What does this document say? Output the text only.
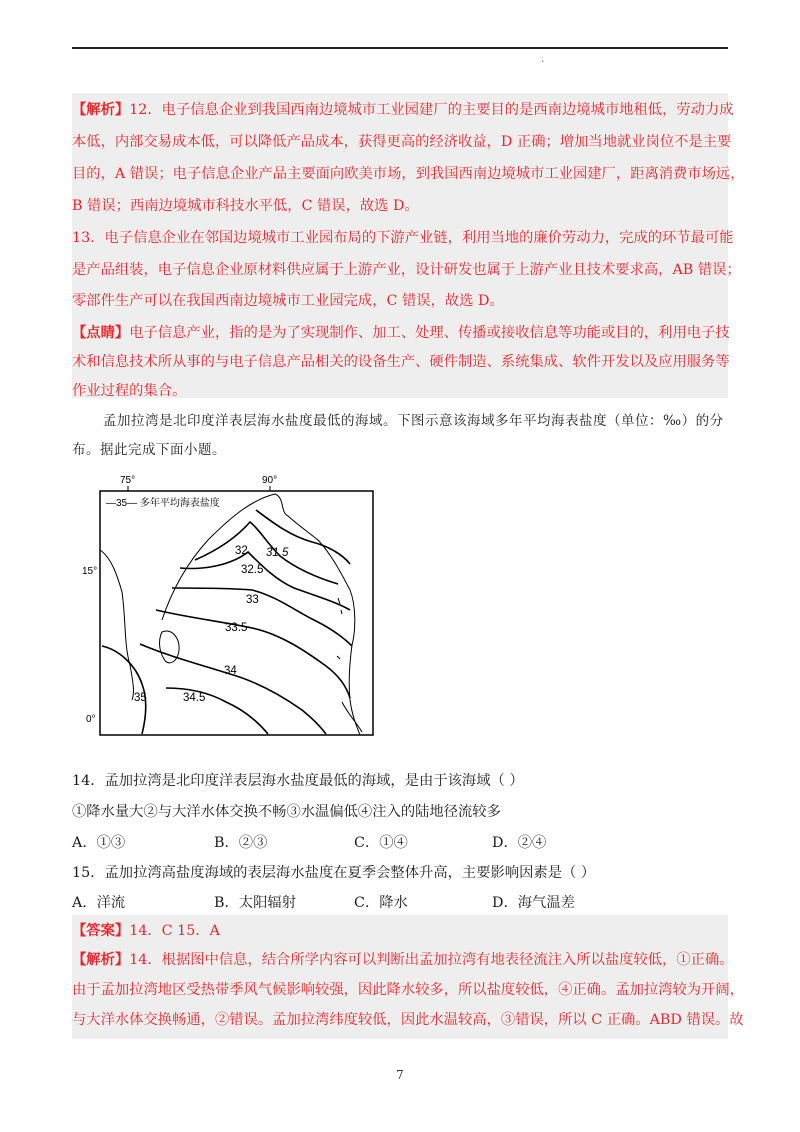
.
【解析】12．电子信息企业到我国西南边境城市工业园建厂的主要目的是西南边境城市地租低，劳动力成
本低，内部交易成本低，可以降低产品成本，获得更高的经济收益，D 正确；增加当地就业岗位不是主要
目的，A 错误；电子信息企业产品主要面向欧美市场，到我国西南边境城市工业园建厂，距离消费市场远，
B 错误；西南边境城市科技水平低，C 错误，故选 D。
13．电子信息企业在邻国边境城市工业园布局的下游产业链，利用当地的廉价劳动力，完成的环节最可能
是产品组装，电子信息企业原材料供应属于上游产业，设计研发也属于上游产业且技术要求高，AB 错误；
零部件生产可以在我国西南边境城市工业园完成，C 错误，故选 D。
【点睛】电子信息产业，指的是为了实现制作、加工、处理、传播或接收信息等功能或目的，利用电子技
术和信息技术所从事的与电子信息产品相关的设备生产、硬件制造、系统集成、软件开发以及应用服务等
作业过程的集合。
孟加拉湾是北印度洋表层海水盐度最低的海域。下图示意该海域多年平均海表盐度（单位：‰）的分
布。据此完成下面小题。
75°	90°
15°
0°
—35— 多年平均海表盐度
31.5
32
32.5
33
33.5
34
34.5
35
14．孟加拉湾是北印度洋表层海水盐度最低的海域，是由于该海域（ ）
①降水量大②与大洋水体交换不畅③水温偏低④注入的陆地径流较多
A．①③	B．②③	C．①④	D．②④
15．孟加拉湾高盐度海域的表层海水盐度在夏季会整体升高，主要影响因素是（ ）
A．洋流	B．太阳辐射	C．降水	D．海气温差
【答案】14．C 15．A
【解析】14．根据图中信息，结合所学内容可以判断出孟加拉湾有地表径流注入所以盐度较低，①正确。
由于孟加拉湾地区受热带季风气候影响较强，因此降水较多，所以盐度较低，④正确。孟加拉湾较为开阔，
与大洋水体交换畅通，②错误。孟加拉湾纬度较低，因此水温较高，③错误，所以 C 正确。ABD 错误。故
7
